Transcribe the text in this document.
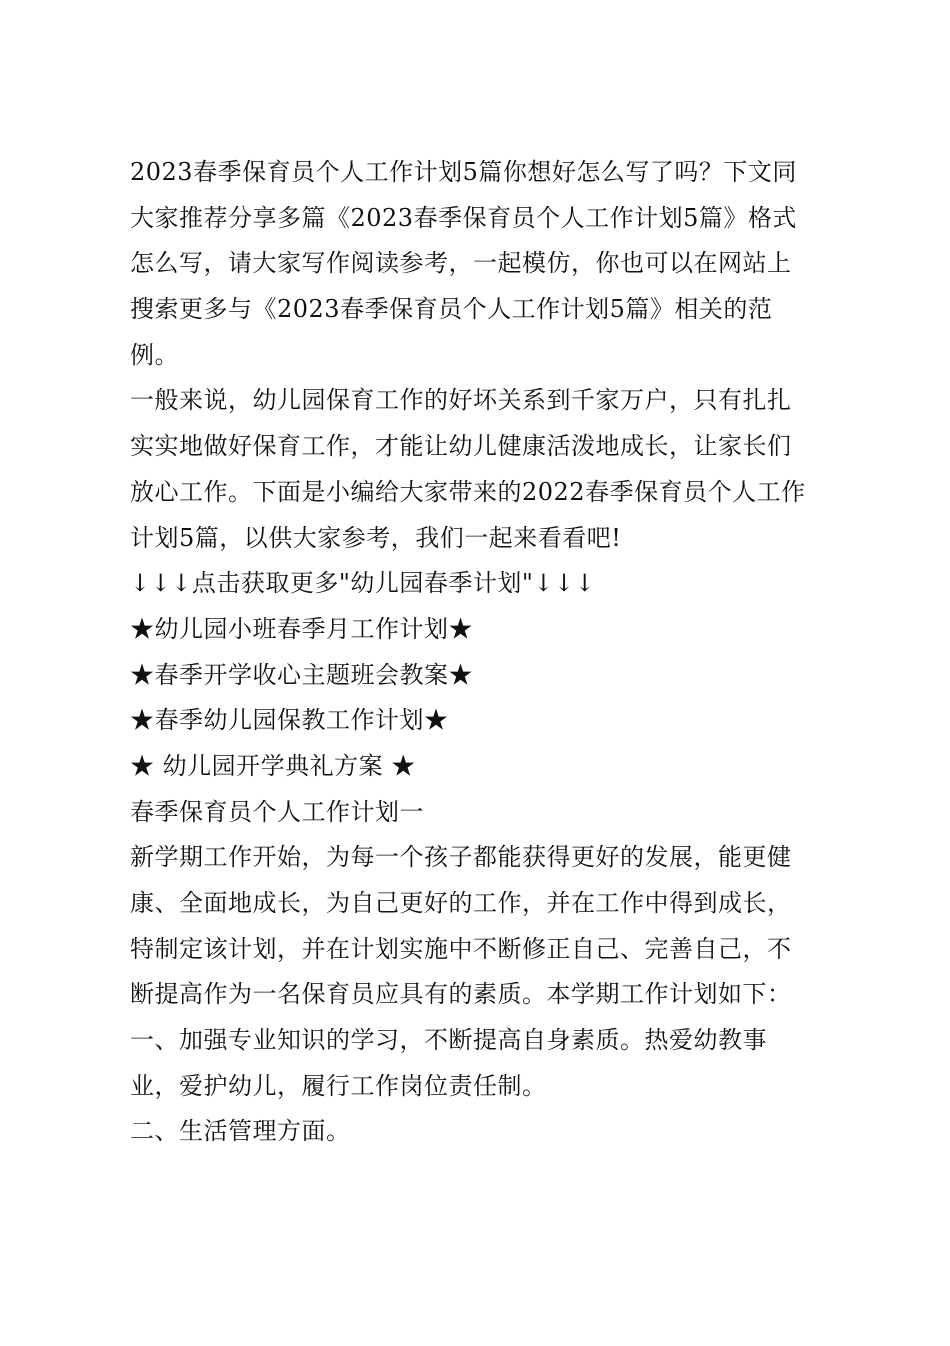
2023春季保育员个人工作计划5篇你想好怎么写了吗？下文同
大家推荐分享多篇《2023春季保育员个人工作计划5篇》格式
怎么写，请大家写作阅读参考，一起模仿，你也可以在网站上
搜索更多与《2023春季保育员个人工作计划5篇》相关的范
例。
一般来说，幼儿园保育工作的好坏关系到千家万户，只有扎扎
实实地做好保育工作，才能让幼儿健康活泼地成长，让家长们
放心工作。下面是小编给大家带来的2022春季保育员个人工作
计划5篇，以供大家参考，我们一起来看看吧!
↓↓↓点击获取更多"幼儿园春季计划"↓↓↓
★幼儿园小班春季月工作计划★
★春季开学收心主题班会教案★
★春季幼儿园保教工作计划★
★ 幼儿园开学典礼方案 ★
春季保育员个人工作计划一
新学期工作开始，为每一个孩子都能获得更好的发展，能更健
康、全面地成长，为自己更好的工作，并在工作中得到成长，
特制定该计划，并在计划实施中不断修正自己、完善自己，不
断提高作为一名保育员应具有的素质。本学期工作计划如下：
一、加强专业知识的学习，不断提高自身素质。热爱幼教事
业，爱护幼儿，履行工作岗位责任制。
二、生活管理方面。
